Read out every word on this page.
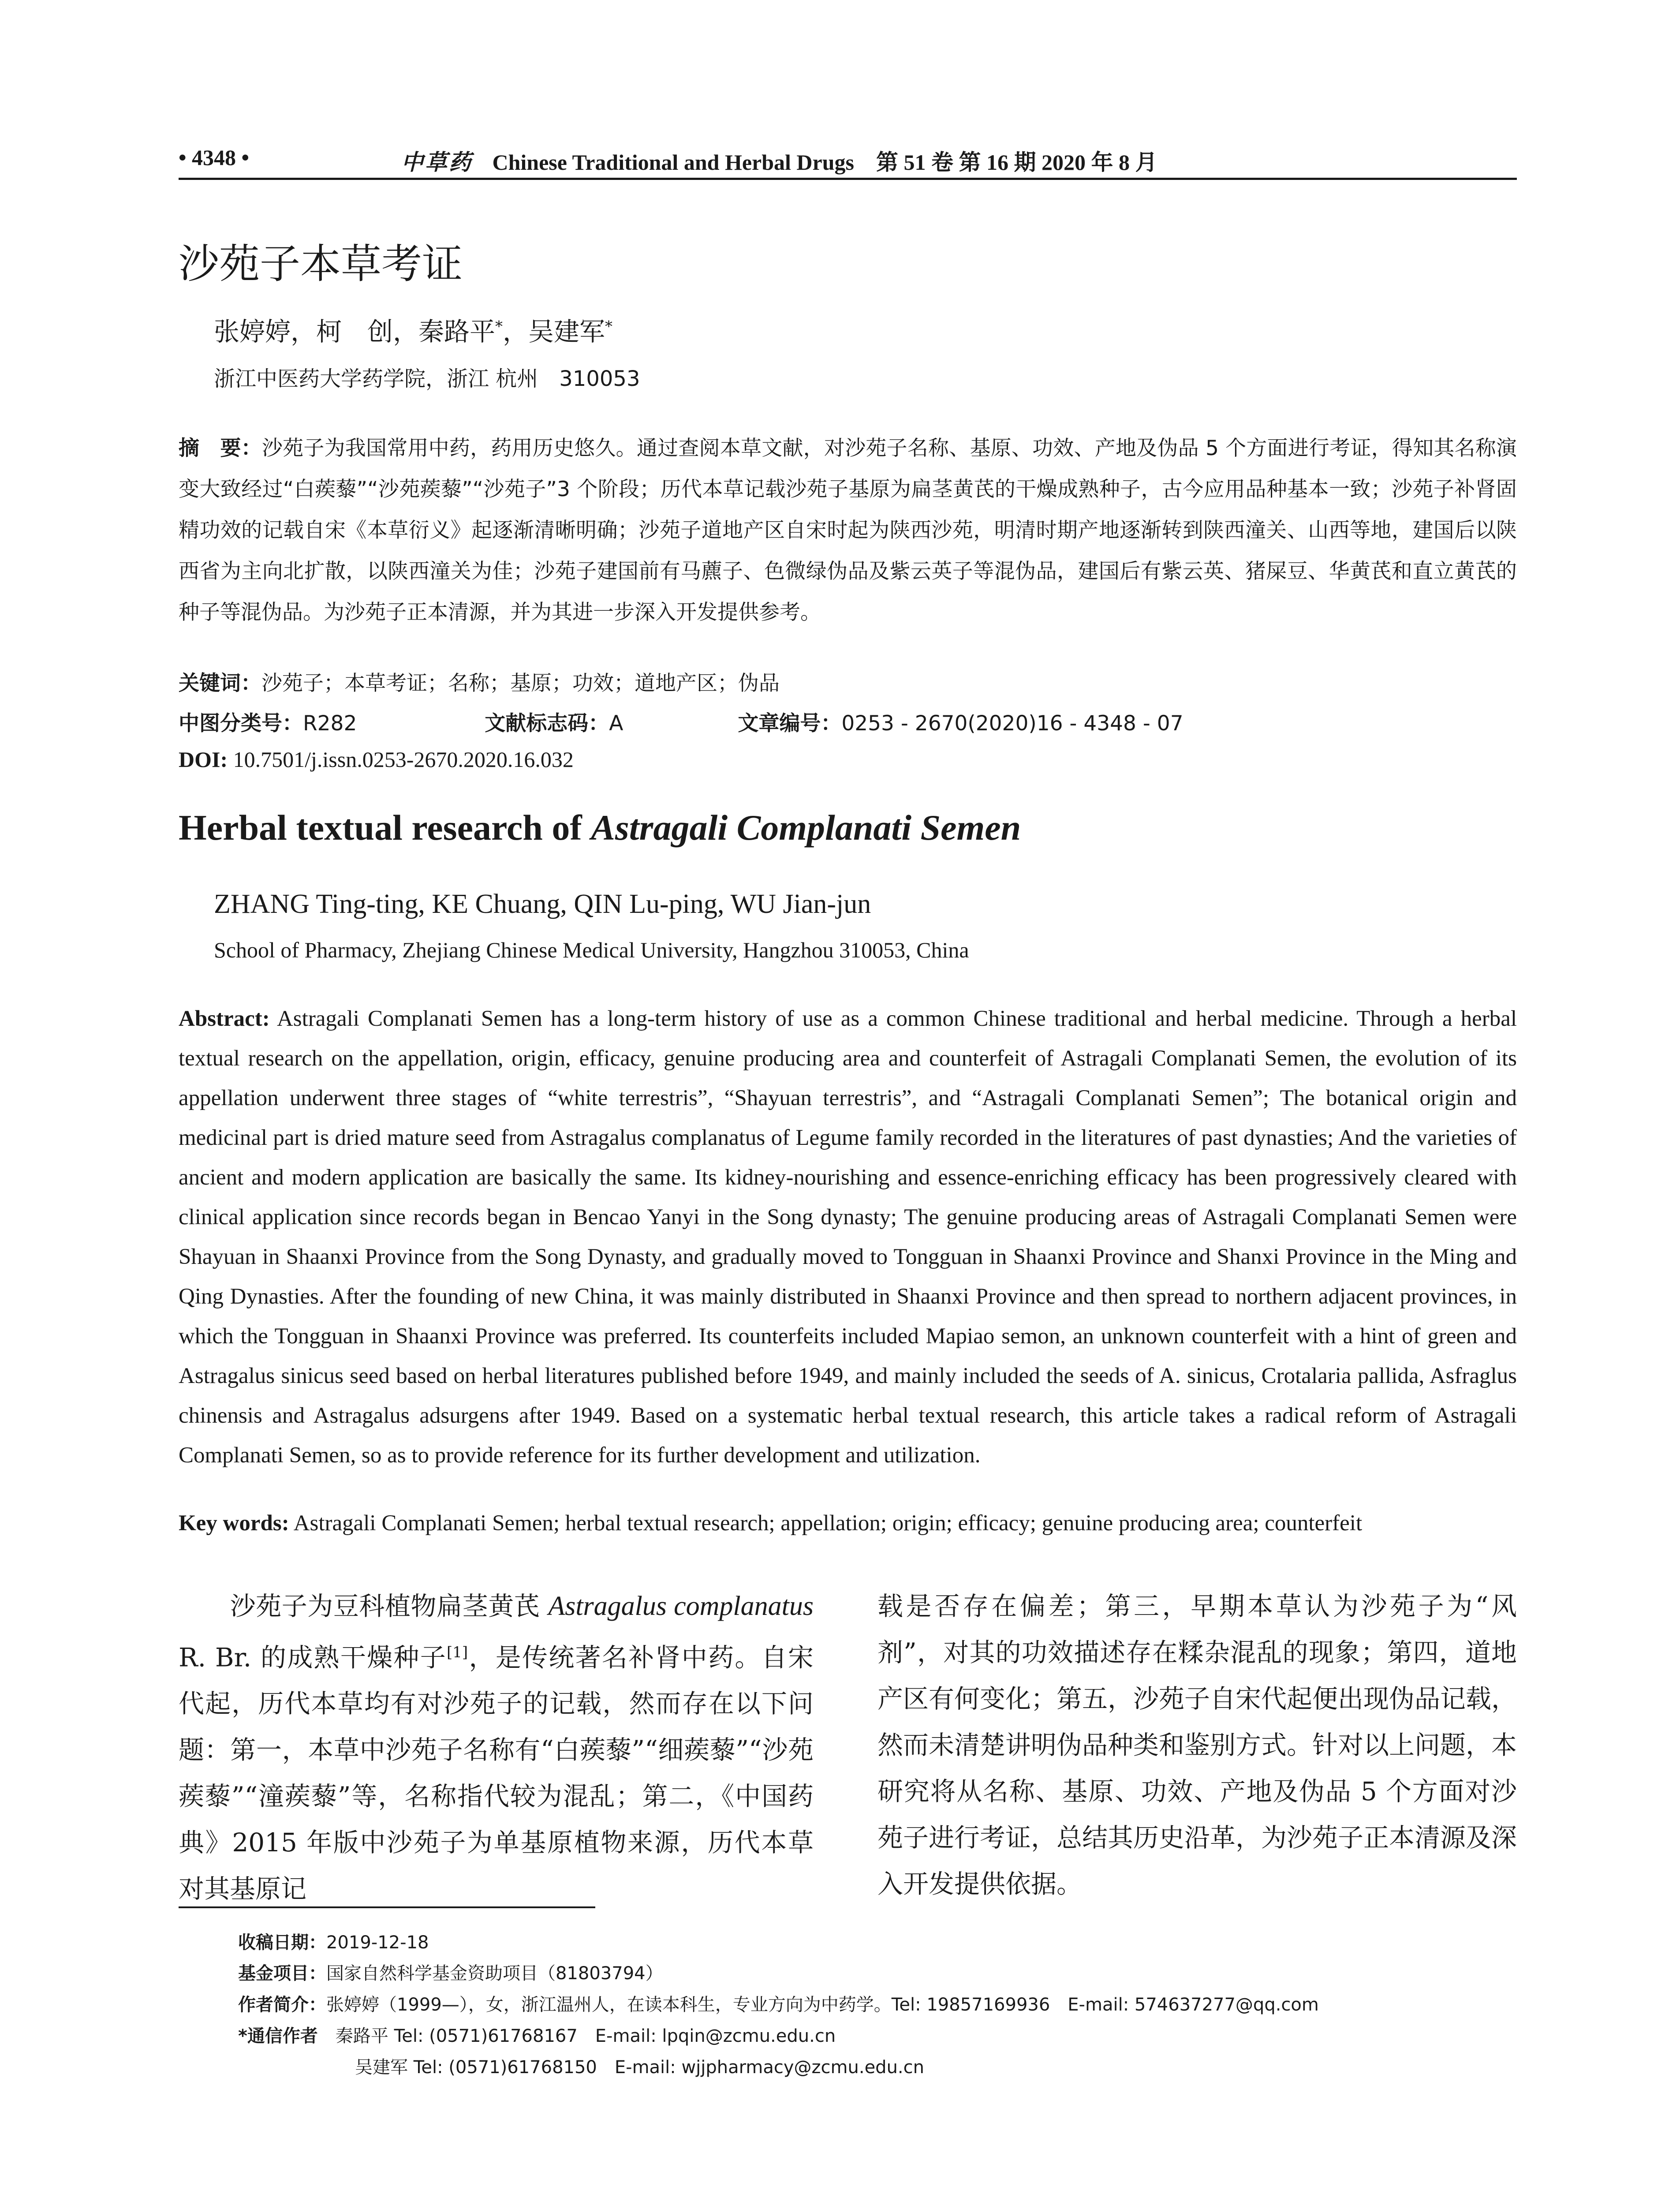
• 4348 •	中草药 Chinese Traditional and Herbal Drugs 第 51 卷 第 16 期 2020 年 8 月
沙苑子本草考证
张婷婷，柯　创，秦路平*，吴建军*
浙江中医药大学药学院，浙江 杭州　310053
摘　要：沙苑子为我国常用中药，药用历史悠久。通过查阅本草文献，对沙苑子名称、基原、功效、产地及伪品 5 个方面进行考证，得知其名称演变大致经过“白蒺藜”“沙苑蒺藜”“沙苑子”3 个阶段；历代本草记载沙苑子基原为扁茎黄芪的干燥成熟种子，古今应用品种基本一致；沙苑子补肾固精功效的记载自宋《本草衍义》起逐渐清晰明确；沙苑子道地产区自宋时起为陕西沙苑，明清时期产地逐渐转到陕西潼关、山西等地，建国后以陕西省为主向北扩散，以陕西潼关为佳；沙苑子建国前有马藨子、色微绿伪品及紫云英子等混伪品，建国后有紫云英、猪屎豆、华黄芪和直立黄芪的种子等混伪品。为沙苑子正本清源，并为其进一步深入开发提供参考。
关键词：沙苑子；本草考证；名称；基原；功效；道地产区；伪品
中图分类号：R282	文献标志码：A	文章编号：0253 - 2670(2020)16 - 4348 - 07
DOI: 10.7501/j.issn.0253-2670.2020.16.032
Herbal textual research of Astragali Complanati Semen
ZHANG Ting-ting, KE Chuang, QIN Lu-ping, WU Jian-jun
School of Pharmacy, Zhejiang Chinese Medical University, Hangzhou 310053, China
Abstract: Astragali Complanati Semen has a long-term history of use as a common Chinese traditional and herbal medicine. Through a herbal textual research on the appellation, origin, efficacy, genuine producing area and counterfeit of Astragali Complanati Semen, the evolution of its appellation underwent three stages of “white terrestris”, “Shayuan terrestris”, and “Astragali Complanati Semen”; The botanical origin and medicinal part is dried mature seed from Astragalus complanatus of Legume family recorded in the literatures of past dynasties; And the varieties of ancient and modern application are basically the same. Its kidney-nourishing and essence-enriching efficacy has been progressively cleared with clinical application since records began in Bencao Yanyi in the Song dynasty; The genuine producing areas of Astragali Complanati Semen were Shayuan in Shaanxi Province from the Song Dynasty, and gradually moved to Tongguan in Shaanxi Province and Shanxi Province in the Ming and Qing Dynasties. After the founding of new China, it was mainly distributed in Shaanxi Province and then spread to northern adjacent provinces, in which the Tongguan in Shaanxi Province was preferred. Its counterfeits included Mapiao semon, an unknown counterfeit with a hint of green and Astragalus sinicus seed based on herbal literatures published before 1949, and mainly included the seeds of A. sinicus, Crotalaria pallida, Asfraglus chinensis and Astragalus adsurgens after 1949. Based on a systematic herbal textual research, this article takes a radical reform of Astragali Complanati Semen, so as to provide reference for its further development and utilization.
Key words: Astragali Complanati Semen; herbal textual research; appellation; origin; efficacy; genuine producing area; counterfeit
沙苑子为豆科植物扁茎黄芪 Astragalus complanatus R. Br. 的成熟干燥种子[1]，是传统著名补肾中药。自宋代起，历代本草均有对沙苑子的记载，然而存在以下问题：第一，本草中沙苑子名称有“白蒺藜”“细蒺藜”“沙苑蒺藜”“潼蒺藜”等，名称指代较为混乱；第二，《中国药典》2015 年版中沙苑子为单基原植物来源，历代本草对其基原记
载是否存在偏差；第三，早期本草认为沙苑子为“风剂”，对其的功效描述存在糅杂混乱的现象；第四，道地产区有何变化；第五，沙苑子自宋代起便出现伪品记载，然而未清楚讲明伪品种类和鉴别方式。针对以上问题，本研究将从名称、基原、功效、产地及伪品 5 个方面对沙苑子进行考证，总结其历史沿革，为沙苑子正本清源及深入开发提供依据。
收稿日期：2019-12-18
基金项目：国家自然科学基金资助项目（81803794）
作者简介：张婷婷（1999—），女，浙江温州人，在读本科生，专业方向为中药学。Tel: 19857169936　E-mail: 574637277@qq.com
*通信作者　秦路平 Tel: (0571)61768167　E-mail: lpqin@zcmu.edu.cn
吴建军 Tel: (0571)61768150　E-mail: wjjpharmacy@zcmu.edu.cn
